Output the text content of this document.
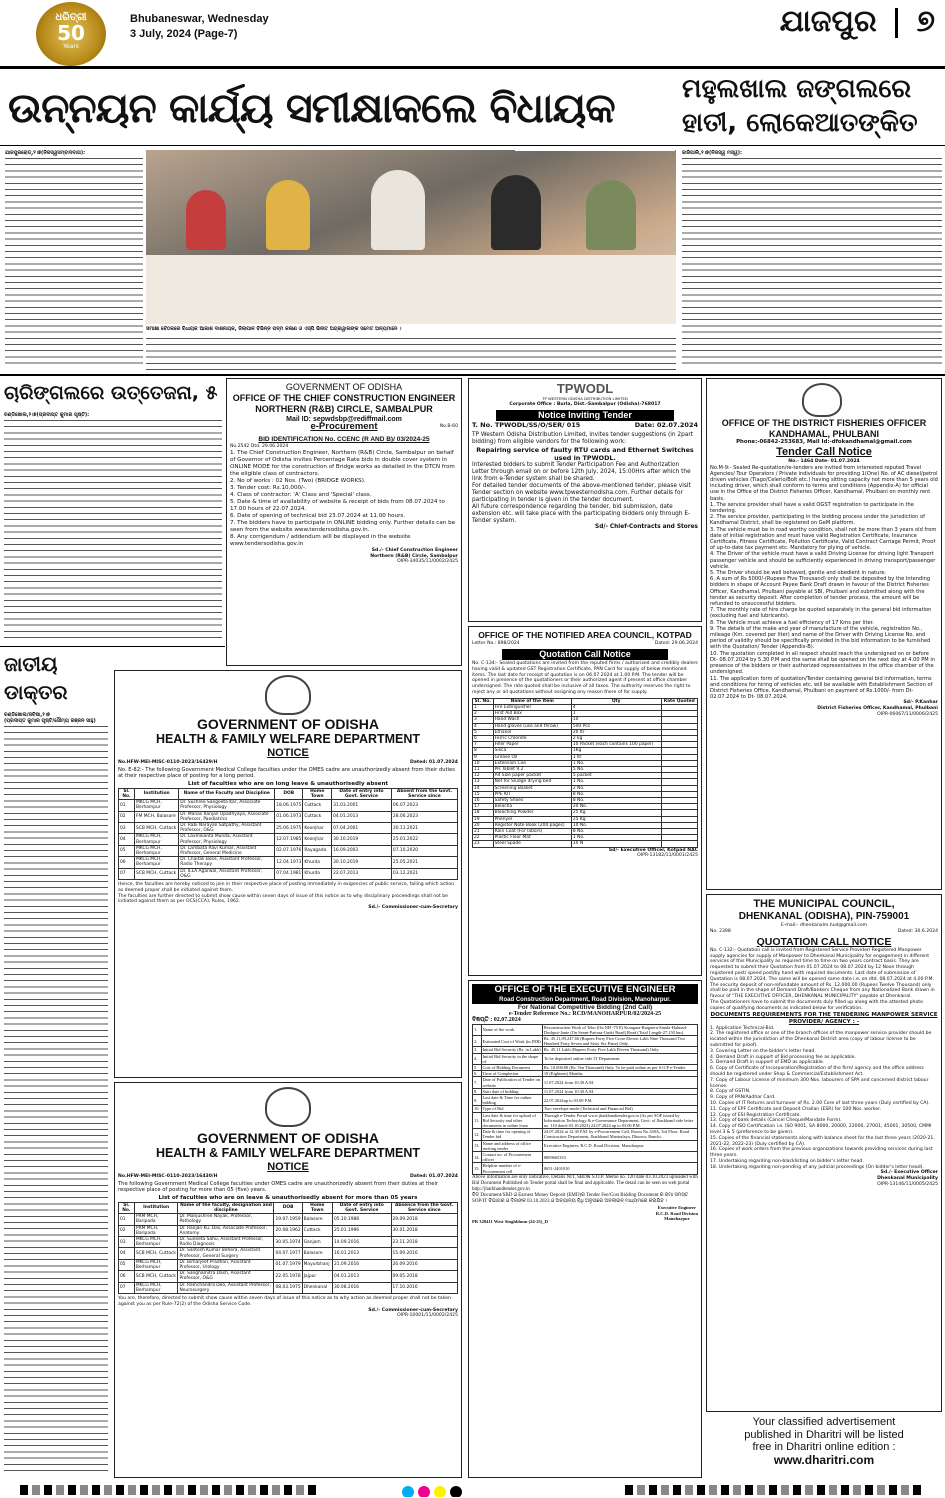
ଧରିତ୍ରୀ
50
Years
Bhubaneswar, Wednesday
3 July, 2024 (Page-7)	ଯାଜପୁର ୭
ଉନ୍ନୟନ କାର୍ଯ୍ୟ ସମୀକ୍ଷାକଲେ ବିଧାୟକ	ମହୁଲଖାଲ ଜଙ୍ଗଲରେ
ହାତୀ, ଲୋକେଆତଙ୍କିତ
ଯାଜପୁରରୋଡ୍,୨।୭(ନିଜସ୍ୱସମ୍ବାଦଦାତା):
ସମୀକ୍ଷା ବୈଠକରେ ବିଧାୟକ ଆକାଶ ଦାଶନାୟକ, ଜିଲାପାଳ ବିଭିନ୍ନ ପଦ୍ମ କଳାଣ ଓ ଏସ୍‌ପି ଭିନୀତ ଅଗ୍ରୱାଲଙ୍କ ସମେତ ଅନ୍ୟମାନେ ।
ଜାଜିପାଲି,୨।୭(ନିଜସ୍ୱ ମସ୍ୱ):
ଚାରିଙ୍ଗଲରେ ଉତ୍ତେଜନା, ୫
ଚଣ୍ଡିଖୋଲ,୨।୭(ପ୍ରଦୀପ୍ତ କୁମାର ପୃଷ୍ଟି):
ଜାତୀୟ ଡାକ୍ତର
ଚଣ୍ଡିଖୋଲ/ଜବିଷା,୨।୭
(ପ୍ରଦୀପ୍ତ କୁମାର ପୃଷ୍ଟି/ସୌମ୍ୟ ରଞ୍ଜନ ସାହୁ)
GOVERNMENT OF ODISHA
OFFICE OF THE CHIEF CONSTRUCTION ENGINEER
NORTHERN (R&B) CIRCLE, SAMBALPUR
Mail ID: sepwdsbp@rediffmail.com
e-Procurement	No.B-60
BID IDENTIFICATION No. CCENC (R AND B)/ 03/2024-25
No.2542 Dtd. 29.06.2024
1. The Chief Construction Engineer, Northern (R&B) Circle, Sambalpur on behalf of Governor of Odisha invites Percentage Rate bids in double cover system in ONLINE MODE for the construction of Bridge works as detailed in the DTCN from the eligible class of contractors.
2. No of works : 02 Nos. (Two) (BRIDGE WORKS).
3. Tender cost: Rs.10,000/-.
4. Class of contractor: 'A' Class and 'Special' class.
5. Date & time of availability of website & receipt of bids from 08.07.2024 to 17.00 hours of 22.07.2024.
6. Date of opening of technical bid 23.07.2024 at 11.00 hours.
7. The bidders have to participate in ONLINE bidding only. Further details can be seen from the website www.tendersodisha.gov.in.
8. Any corrigendum / addendum will be displayed in the website www.tendersodisha.gov.in
Sd./- Chief Construction Engineer
Northern (R&B) Circle, Sambalpur
OIPR-34035/11/0002/2425
TPWODL
TP WESTERN ODISHA DISTRIBUTION LIMITED
Corporate Office : Burla, Dist.-Sambalpur (Odisha)-768017
Notice Inviting Tender
T. No. TPWODL/SS/O/SER/ 015	Date: 02.07.2024
TP Western Odisha Distribution Limited, invites tender suggestions (in 2part bidding) from eligible vendors for the following work:
Repairing service of faulty RTU cards and Ethernet Switches used in TPWODL.
Interested bidders to submit Tender Participation Fee and Authorization Letter through email on or before 12th July, 2024, 15:00Hrs after which the link from e-Tender system shall be shared.
For detailed tender documents of the above-mentioned tender, please visit Tender section on website www.tpwesternodisha.com. Further details for participating in tender is given in the tender document.
All future correspondence regarding the tender, bid submission, date extension etc. will take place with the participating bidders only through E-Tender system.
Sd/- Chief-Contracts and Stores
OFFICE OF THE NOTIFIED AREA COUNCIL, KOTPAD
Letter No.: 898/2024	Dated: 29.06.2024
Quotation Call Notice
No. C-134:- Sealed quotations are invited from the reputed firms / authorized and credibly dealers having valid & updated GST Registration Certificate, PAN Card for supply of below mentioned items. The last date for receipt of quotation is on 06.07.2024 at 1.00 P.M. The tender will be opened in presence of the quotationers or their authorized agent if present at office chamber undersigned. The rate quoted shall be inclusive of all taxes. The authority reserves the right to reject any or all quotations without assigning any reason there of for supply.
Sl. No.	Name of the Item	Qty	Rate Quoted
1	Fire Extinguisher	4	
2	First Aid Box	1	
3	Hand Wash	10	
4	Hand gloves (use and throw)	500 Pcs	
5	Ethanol	20 ltr	
6	Ferric Chloride	2 kg	
7	Filler Paper	10 Packet (each contains 100 paper)	
8	Silica	1Kg	
9	Grease Oil	1 ltr	
10	Extension Coe	1 No.	
11	PH Tablet 9.2	5 No.	
12	A4 Size paper packet	5 packet	
13	Net for Sludge drying bed	1 No.	
14	Screening Basket	2 No.	
15	PPE KIT	8 No.	
16	Safety Shoes	8 No.	
17	Belacha	20 No.	
18	Bleaching Powder	25 Kg	
19	Phenyel	25 Kg	
20	Register Note Book (200 pages)	10 No.	
21	Rain Coat (For labors)	8 No.	
22	Plastic Floor Mat	1 No.	
23	Steel Spade	10 N	
Sd/- Executive Officer, Kotpad NAC
OIPR-13182/11/0001/2425
OFFICE OF THE EXECUTIVE ENGINEER
Road Construction Department, Road Division, Manoharpur.
For National Competitive Bidding (2nd Call)
e-Tender Reference No.: RCD/MANOHARPUR/02/2024-25
ବିଜ୍ଞପ୍ତି : 02.07.2024
1.	Name of the work	Reconstruction Work of Tebo (On NH -75 E) Kotagara-Raiguera-Simda-Halmad-Doshpui-Jante (On Seran-Patrasa-Gudri Road) Road (Total Length-27.150 km).
2.	Estimated Cost of Work (in INR)	Rs. 45,11,09,247.66 (Rupees Forty Five Crore Eleven Lakh Nine Thousand Two Hundred Forty Seven and Sixty Six Paise) Only.
3.	Initial Bid Security (Rs. in Lakh)	Rs. 45.11 Lakh (Rupees Forty Five Lakh Eleven Thousand) Only.
4.	Initial Bid Security in the shape of	To be deposited online vide IT Department.
5.	Cost of Bidding Document	Rs. 10,000.00 (Rs. Ten Thousand) Only. To be paid online as per S.O.P e-Tender
6.	Time of Completion	18 (Eighteen) Months.
7.	Date of Publication of Tender on website	11.07.2024 from 10.30 A.M.
8.	Start date of bidding	11.07.2024 from 10.30 A.M.
9.	Last date & Time for online bidding	22.07.2024up to 03.00 P.M.
10.	Type of Bid	Two envelope mode (Technical and Financial Bid)
11.	Last date & time for upload of Bid Security and other documents in online form	Through e-Tender Portal www.jharkhandtender.gov.in (As per SOP issued by Information Technology & e-Governance Department, Govt. of Jharkhand vide letter no. 110 dated 03.10.2023) 22.07.2024 up to 03.00 P.M.
12.	Date & time for opening of Tender bid	24.07.2024 at 12.30 P.M. by e-Procurement Cell, Room No.330A, 3rd Floor, Road Construction Department, Jharkhand Mantralaya, Dhurwa, Ranchi.
13.	Name and address of office inviting tender	Executive Engineer, R.C.D. Road Division, Manoharpur.
14.	Contact no. of Procurement officer	8809665333
15.	Helpline number of e-Procurement cell	0651-2401010
Above information are only indicative, Details NIT, SBD& S.O.P. Memo no. 120 date 03.10.2023 uploaded with Bid Document Published on Tender portal shall be final and applicable. The detail can be seen on web portal http://jharkhandtender.gov.in
ବିଡ୍ Document/SBD ଓ Earnest Money Deposit (EMD)ର Tender Fee/Cost Bidding Document ର ଜମା ସମସ୍ତ SOP/IT ବିଭାଗର ଓ ଦିନାଙ୍କ 03.10.2023 ଓ ଅନ୍ୟାନ୍ୟ ବିଧି ଅନୁସାରେ ଅନଲାଇନ୍ ମାଧ୍ୟମରେ କରାଯିବ ।
PR 328411 West Singhbhum (24-25)_D
Executive Engineer
R.C.D. Road Division
Manoharpur
GOVERNMENT OF ODISHA
HEALTH & FAMILY WELFARE DEPARTMENT
NOTICE
No.HFW-MEI-MISC-0110-2023/16429/H	Dated: 01.07.2024
No. E-82:- The following Government Medical College faculties under the OMES cadre are unauthorizedly absent from their duties at their respective place of posting for a long period.
List of faculties who are on long leave & unauthorisedly absent
Sl. No.	Institution	Name of the Faculty and Discipline	DOB	Home Town	Date of entry into Govt. Service	Absent from the Govt. Service since
01	MKCG MCH, Berhampur	Dr. Sushree Sangeeta Kar, Associate Professor, Physiology	18.06.1975	Cuttack	31.03.2001	06.07.2023
02	FM MCH, Balasore	Dr. Manas Ranjan Upadhyaya, Associate Professor, Paediatrics	01.06.1973	Cuttack	04.01.2013	28.06.2023
03	SCB MCH, Cuttack	Dr. Rabi Narayan Satpathy, Assistant Professor, O&G	25.06.1975	Keonjhar	07.04.2001	30.11.2021
04	MKCG MCH, Berhampur	Dr. Laxmikanta Munda, Assistant Professor, Physiology	12.07.1985	Keonjhar	30.10.2019	25.01.2022
05	MKCG MCH, Berhampur	Dr. Lambata Ravi Kumar, Assistant Professor, General Medicine	02.07.1976	Rayagada	16.09.2003	07.10.2020
06	MKCG MCH, Berhampur	Dr. Chaitali Bose, Assistant Professor, Radio Therapy	12.04.1973	Khurda	30.10.2019	25.05.2021
07	SCB MCH, Cuttack	Dr. ILLA Agarwal, Assistant Professor, O&G	07.04.1981	Khurda	22.07.2013	03.12.2021
Hence, the faculties are hereby noticed to join in their respective place of posting immediately in exigencies of public service, failing which action as deemed proper shall be initiated against them.
The faculties are further directed to submit show cause within seven days of issue of this notice as to why disciplinary proceedings shall not be initiated against them as per OCS(CCA), Rules, 1962.
Sd./- Commissioner-cum-Secretary
GOVERNMENT OF ODISHA
HEALTH & FAMILY WELFARE DEPARTMENT
NOTICE
No.HFW-MEI-MISC-0110-2023/16430/H	Dated: 01.07.2024
The following Government Medical College faculties under OMES cadre are unauthorizedly absent from their duties at their respective place of posting for more than 05 (five) years.
List of faculties who are on leave & unauthorisedly absent for more than 05 years
Sl. No.	Institution	Name of the faculty, designation and discipline	DOB	Home Town	Date of entry into Govt. Service	Absence from the Govt. Service since
01	PRM MCH, Baripada	Dr. Manjushree Nayak, Professor, Pathology	19.07.1959	Balasore	05.10.1988	29.09.2018
02	PRM MCH, Baripada	Dr. Ranjan Ku. Das, Associate Professor, Anatomy	20.08.1962	Cuttack	25.01.1996	30.01.2018
03	MKCG MCH, Berhampur	Dr. Suneeta Sahu, Assistant Professor, Radio Diagnosis	30.05.1974	Ganjam	14.09.2016	23.11.2018
04	SCB MCH, Cuttack	Dr. Santosh Kumar Behera, Assistant Professor, General Surgery	04.07.1977	Balasore	16.01.2013	15.09.2016
05	MKCG MCH, Berhampur	Dr. Bimarjeet Pradhan, Assistant Professor, Urology	01.07.1979	Mayurbhanj	21.09.2016	26.09.2016
06	SCB MCH, Cuttack	Dr. Sanghamitra Dash, Assistant Professor, O&G	22.05.1978	Jajpur	04.01.2013	09.05.2018
07	MKCG MCH, Berhampur	Dr. Ramchandra Deo, Assistant Professor, Neurosurgery	08.03.1975	Dhenkanal	30.08.2016	17.10.2016
You are, therefore, directed to submit show cause within seven days of issue of this notice as to why action as deemed proper shall not be taken against you as per Rule-72(2) of the Odisha Service Code.
Sd./- Commissioner-cum-Secretary
OIPR-10001/11/0002/2425
OFFICE OF THE DISTRICT FISHERIES OFFICER
KANDHAMAL, PHULBANI
Phone:-06842-253683, Mail Id:-dfokandhamal@gmail.com
Tender Call Notice
No.- 1464 Date- 01.07.2024
No.M-9:- Sealed Re-quotation/re-tenders are invited from interested reputed Travel Agencies/ Tour Operators / Private individuals for providing 1(One) No. of AC diesel/petrol driven vehicles (Tiago/Celerio/Bolt etc.) having sitting capacity not more than 5 years old including driver, which shall conform to terms and conditions (Appendix-A) for official use in the Office of the District Fisheries Officer, Kandhamal, Phulbani on monthly rent basis.
1. The service provider shall have a valid OGST registration to participate in the tendering.
2. The service provider, participating in the bidding process under the jurisdiction of Kandhamal District, shall be registered on GeM platform.
3. The vehicle must be in road worthy condition, shall not be more than 3 years old from date of initial registration and must have valid Registration Certificate, Insurance Certificate, Fitness Certificate, Pollution Certificate, Valid Contract Carriage Permit, Proof of up-to-date tax payment etc. Mandatory for plying of vehicle.
4. The Driver of the vehicle must have a valid Driving License for driving light Transport passenger vehicle and should be sufficiently experienced in driving transport/passenger vehicle.
5. The Driver should be well behaved, gentle and obedient in nature.
6. A sum of Rs 5000/-(Rupees Five Thousand) only shall be deposited by the Intending bidders in shape of Account Payee Bank Draft drawn in favour of the District Fisheries Officer, Kandhamal, Phulbani payable at SBI, Phulbani and submitted along with the tender as security deposit. After completion of tender process, the amount will be refunded to unsuccessful bidders.
7. The monthly rate of hire charge be quoted separately in the general bid information (excluding fuel and lubricants).
8. The Vehicle must achieve a fuel efficiency of 17 Kms per liter.
9. The details of the make and year of manufacture of the vehicle, registration No., mileage (Km. covered per liter) and name of the Driver with Driving License No. and period of validity should be specifically provided in the bid information to be furnished with the Quotation/ Tender (Appendix-B).
10. The quotation completed in all respect should reach the undersigned on or before Dt- 08.07.2024 by 5.30 P.M and the same shall be opened on the next day at 4.00 PM in presence of the bidders or their authorized representatives in the office chamber of the undersigned.
11. The application form of quotation/Tender containing general bid information, terms and conditions for hiring of vehicles etc. will be available with Establishment Section of District Fisheries Office, Kandhamal, Phulbani on payment of Rs.1000/- from Dt-02.07.2024 to Dt- 08.07.2024.
Sd/- P.Kanhar
District Fisheries Officer, Kandhamal, Phulbani
OIPR-06067/11/0006/2425
THE MUNICIPAL COUNCIL,
DHENKANAL (ODISHA), PIN-759001
E-mail:- dhenkanalm.hud@gmail.com
No. 2398	Dated: 30.6.2024
QUOTATION CALL NOTICE
No. C-132:- Quotation call is invited from Registered Service Provider/ Registered Manpower supply agencies for supply of Manpower to Dhenkanal Municipality for engagement in different services of this Municipality as required time to time on two years contract basis. They are requested to submit their Quotation from 01.07.2024 to 08.07.2024 by 12 Noon through registered post/ speed post/by hand with required documents. Last date of submission of Quotation is 08.07.2024. The same will be opened same date i.e. on dtd. 08.07.2024 at 4.00 P.M.
The security deposit of non-refundable amount of Rs. 12,000.00 (Rupees Twelve Thousand) only shall be paid in the shape of Demand Draft/Bankers Cheque from any Nationalized Bank drawn in favour of "THE EXECUTIVE OFFICER, DHENKANAL MUNICIPALITY" payable at Dhenkanal.
The Quotationers have to submit the documents duly filled up along with the attested photo copies of qualifying documents as indicated below for verification.
DOCUMENTS REQUIREMENTS FOR THE TENDERING MANPOWER SERVICE PROVIDER/ AGENCY : -
1. Application Technical-Bid.
2. The registered office or one of the branch offices of the manpower service provider should be located within the jurisdiction of the Dhenkanal District area (copy of labour license to be submitted for proof).
3. Covering Letter on the bidder's letter head.
4. Demand Draft in support of Bid processing fee as applicable.
5. Demand Draft in support of EMD as applicable.
6. Copy of Certificate of Incorporation/Registration of the firm/ agency and the office address should be registered under Shop & Commercial/Establishment Act.
7. Copy of Labour License of minimum 300 Nos. labourers of SPA and concerned district labour license.
8. Copy of GSTIN.
9. Copy of PAN/Aadhar Card.
10. Copies of IT Returns and turnover of Rs. 2.00 Core of last three years (Duly certified by CA).
11. Copy of EPF Certificate and Deposit Challan (ESR) for 100 Nos. worker.
12. Copy of ESI Registration Certificate.
13. Copy of bank details (Cancel Cheque/Mandate Form).
14. Copy of ISO Certification i.e. ISO 9001, SA 8000, 20000, 22000, 27001, 45001, 30500, CMMI level 3 & 5 (preference to be given).
15. Copies of the financial statements along with balance sheet for the last three years (2020-21, 2021-22, 2022-23) (Duly certified by CA).
16. Copies of work orders from the previous organizations towards providing services during last three years.
17. Undertaking regarding non-blacklisting on bidder's letter head.
18. Undertaking regarding non-pending of any judicial proceedings (On bidder's letter head).
Sd./- Executive Officer
Dhenkanal Municipality
OIPR-13146/11/0005/2425
Your classified advertisement
published in Dharitri will be listed
free in Dharitri online edition :
www.dharitri.com
